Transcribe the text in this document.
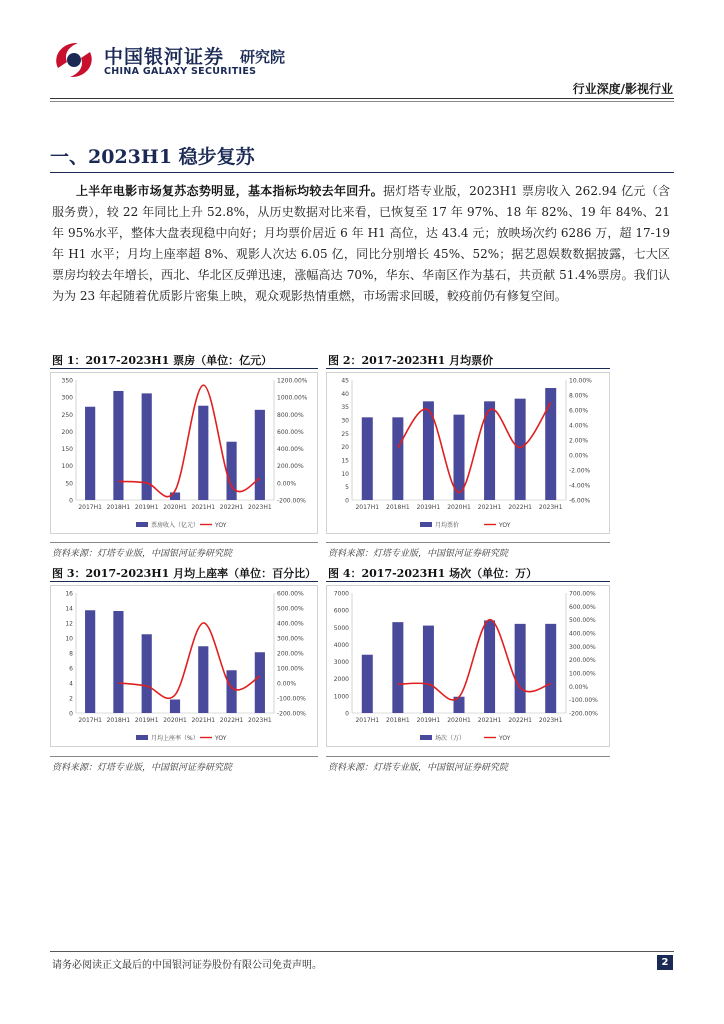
中国银河证券 研究院
CHINA GALAXY SECURITIES
行业深度/影视行业
一、2023H1 稳步复苏
上半年电影市场复苏态势明显，基本指标均较去年回升。据灯塔专业版，2023H1 票房收入 262.94 亿元（含服务费），较 22 年同比上升 52.8%，从历史数据对比来看，已恢复至 17 年 97%、18 年 82%、19 年 84%、21 年 95%水平，整体大盘表现稳中向好；月均票价居近 6 年 H1 高位，达 43.4 元；放映场次约 6286 万，超 17-19 年 H1 水平；月均上座率超 8%、观影人次达 6.05 亿，同比分别增长 45%、52%；据艺恩娱数数据披露，七大区票房均较去年增长，西北、华北区反弹迅速，涨幅高达 70%，华东、华南区作为基石，共贡献 51.4%票房。我们认为为 23 年起随着优质影片密集上映，观众观影热情重燃，市场需求回暖，較疫前仍有修复空间。
图 1：2017-2023H1 票房（单位：亿元）
350
300
250
200
150
100
50
0
1200.00%
1000.00%
800.00%
600.00%
400.00%
200.00%
0.00%
-200.00%
2017H1 2018H1 2019H1 2020H1 2021H1 2022H1 2023H1
票房收入（亿元）	YOY
资料来源：灯塔专业版，中国银河证券研究院
图 2：2017-2023H1 月均票价
45
40
35
30
25
20
15
10
5
0
10.00%
8.00%
6.00%
4.00%
2.00%
0.00%
-2.00%
-4.00%
-6.00%
2017H1 2018H1 2019H1 2020H1 2021H1 2022H1 2023H1
月均票价	YOY
资料来源：灯塔专业版，中国银河证券研究院
图 3：2017-2023H1 月均上座率（单位：百分比）
16
14
12
10
8
6
4
2
0
600.00%
500.00%
400.00%
300.00%
200.00%
100.00%
0.00%
-100.00%
-200.00%
2017H1 2018H1 2019H1 2020H1 2021H1 2022H1 2023H1
月均上座率（%）	YOY
资料来源：灯塔专业版，中国银河证券研究院
图 4：2017-2023H1 场次（单位：万）
7000
6000
5000
4000
3000
2000
1000
0
700.00%
600.00%
500.00%
400.00%
300.00%
200.00%
100.00%
0.00%
-100.00%
-200.00%
2017H1 2018H1 2019H1 2020H1 2021H1 2022H1 2023H1
场次（万）	YOY
资料来源：灯塔专业版，中国银河证券研究院
请务必阅读正文最后的中国银河证券股份有限公司免责声明。	2
